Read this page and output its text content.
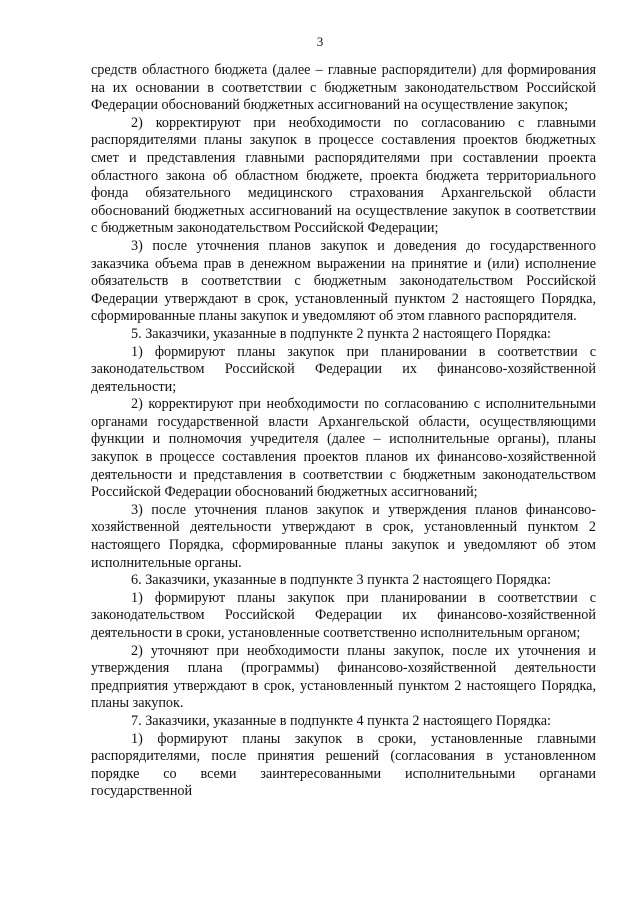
3

средств областного бюджета (далее – главные распорядители) для формирования на их основании в соответствии с бюджетным законодательством Российской Федерации обоснований бюджетных ассигнований на осуществление закупок;

2) корректируют при необходимости по согласованию с главными распорядителями планы закупок в процессе составления проектов бюджетных смет и представления главными распорядителями при составлении проекта областного закона об областном бюджете, проекта бюджета территориального фонда обязательного медицинского страхования Архангельской области обоснований бюджетных ассигнований на осуществление закупок в соответствии с бюджетным законодательством Российской Федерации;

3) после уточнения планов закупок и доведения до государственного заказчика объема прав в денежном выражении на принятие и (или) исполнение обязательств в соответствии с бюджетным законодательством Российской Федерации утверждают в срок, установленный пунктом 2 настоящего Порядка, сформированные планы закупок и уведомляют об этом главного распорядителя.

5. Заказчики, указанные в подпункте 2 пункта 2 настоящего Порядка:

1) формируют планы закупок при планировании в соответствии с законодательством Российской Федерации их финансово-хозяйственной деятельности;

2) корректируют при необходимости по согласованию с исполнительными органами государственной власти Архангельской области, осуществляющими функции и полномочия учредителя (далее – исполнительные органы), планы закупок в процессе составления проектов планов их финансово-хозяйственной деятельности и представления в соответствии с бюджетным законодательством Российской Федерации обоснований бюджетных ассигнований;

3) после уточнения планов закупок и утверждения планов финансово-хозяйственной деятельности утверждают в срок, установленный пунктом 2 настоящего Порядка, сформированные планы закупок и уведомляют об этом исполнительные органы.

6. Заказчики, указанные в подпункте 3 пункта 2 настоящего Порядка:

1) формируют планы закупок при планировании в соответствии с законодательством Российской Федерации их финансово-хозяйственной деятельности в сроки, установленные соответственно исполнительным органом;

2) уточняют при необходимости планы закупок, после их уточнения и утверждения плана (программы) финансово-хозяйственной деятельности предприятия утверждают в срок, установленный пунктом 2 настоящего Порядка, планы закупок.

7. Заказчики, указанные в подпункте 4 пункта 2 настоящего Порядка:

1) формируют планы закупок в сроки, установленные главными распорядителями, после принятия решений (согласования в установленном порядке со всеми заинтересованными исполнительными органами государственной
